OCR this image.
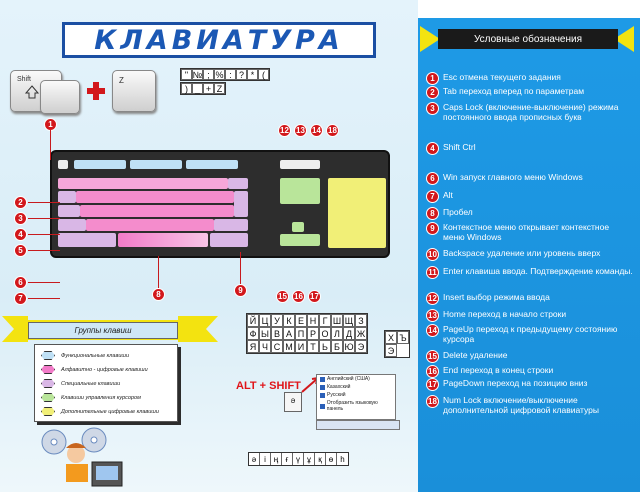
КЛАВИАТУРА	Условные обозначения
1 Esc отмена текущего задания
2 Tab переход вперед по параметрам
3 Caps Lock (включение-выключение) режима постоянного ввода прописных букв
4 Shift Ctrl
6 Win запуск главного меню Windows
7 Alt
8 Пробел
9 Контекстное меню открывает контекстное меню Windows
10 Backspace удаление или уровень вверх
11 Enter клавиша ввода. Подтверждение команды.
12 Insert выбор режима ввода
13 Home переход в начало строки
14 PageUp переход к предыдущему состоянию курсора
15 Delete удаление
16 End переход в конец строки
17 PageDown переход на позицию вниз
18 Num Lock включение/выключение дополнительной цифровой клавиатуры
Shift	Z
" № ; % : ? * (
) _ + Z
12 13 14 18
1
2
3
4
5
6
7	8	9
15 16 17
Й Ц У К Е Н Г Ш Щ З
Ф Ы В А П Р О Л Д Ж
Я Ч С М И Т Ь Б Ю Э
Х Ъ
Э
Группы клавиш
Функциональные клавиши
Алфавитно - цифровые клавиши
Специальные клавиши
Клавиши управления курсором
Дополнительные цифровые клавиши
ALT + SHIFT
Ә
Английский (США)
Казахский
Русский
Отобразить языковую панель
ә і ң ғ ү ұ қ ө һ
